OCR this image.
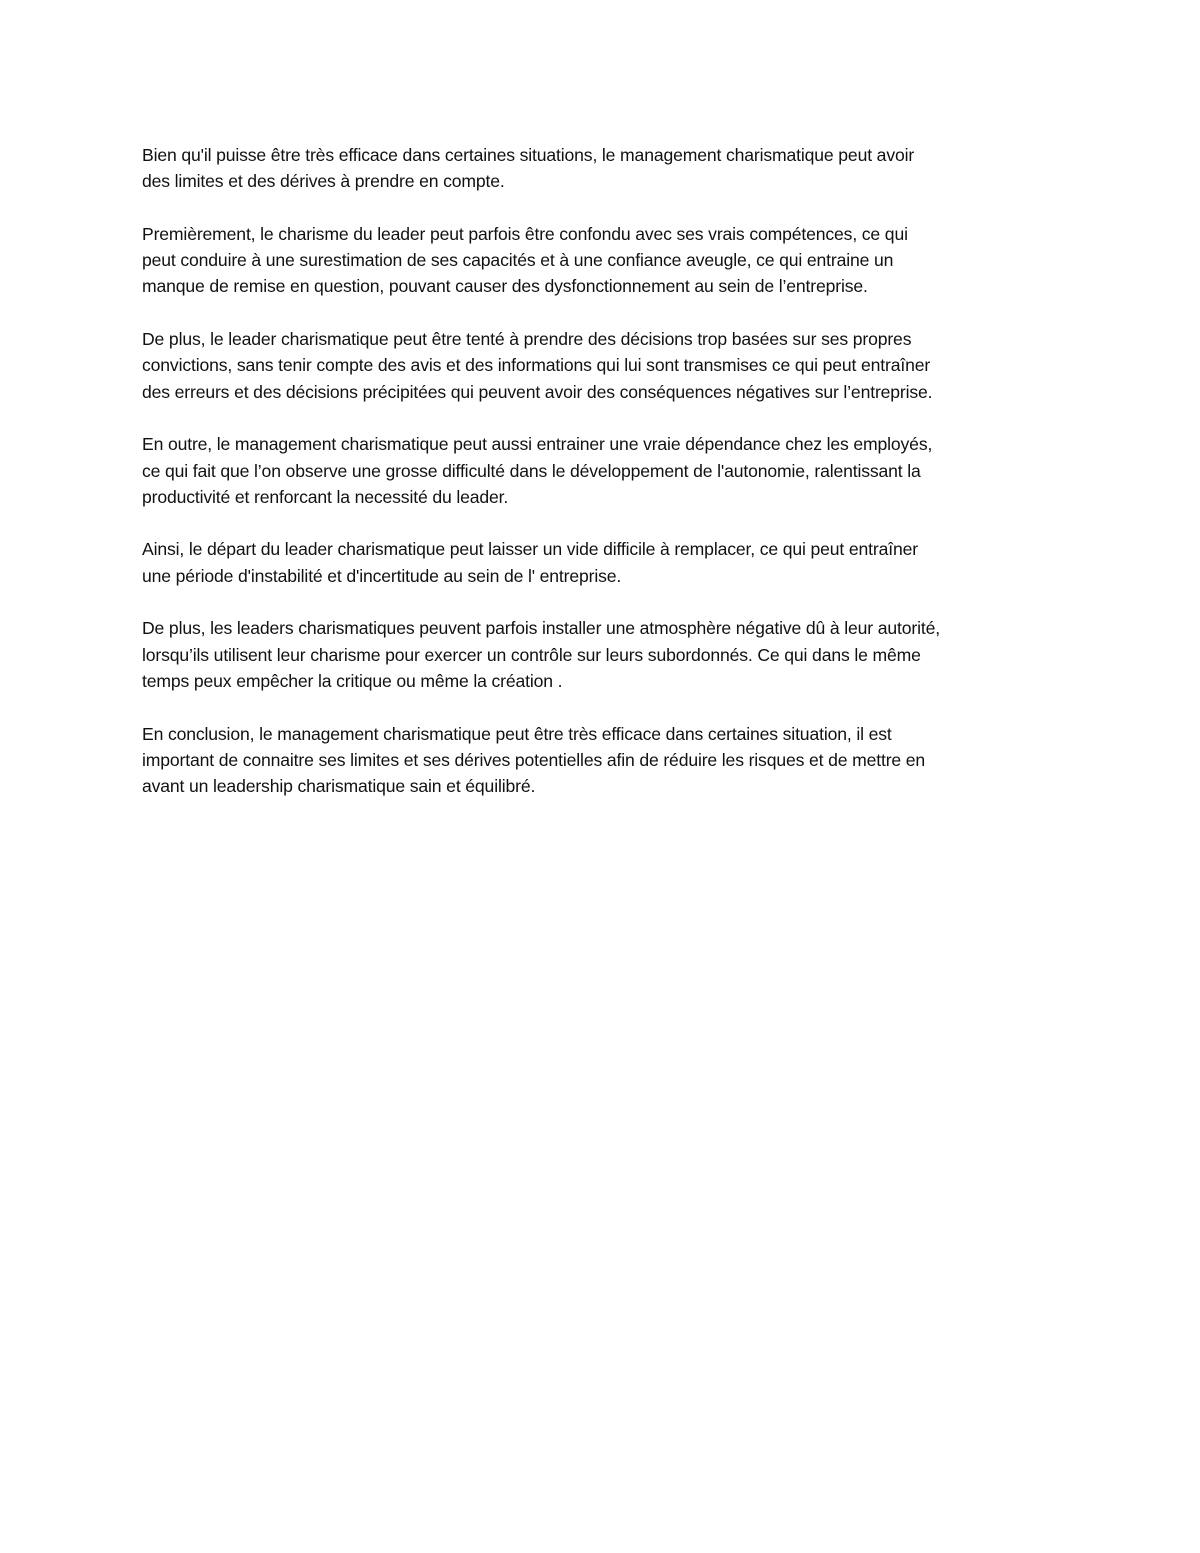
Bien qu'il puisse être très efficace dans certaines situations, le management charismatique peut avoir
des limites et des dérives à prendre en compte.

Premièrement, le charisme du leader peut parfois être confondu avec ses vrais compétences, ce qui
peut conduire à une surestimation de ses capacités et à une confiance aveugle, ce qui entraine un
manque de remise en question, pouvant causer des dysfonctionnement au sein de l’entreprise.

De plus, le leader charismatique peut être tenté à prendre des décisions trop basées sur ses propres
convictions, sans tenir compte des avis et des informations qui lui sont transmises ce qui peut entraîner
des erreurs et des décisions précipitées qui peuvent avoir des conséquences négatives sur l’entreprise.

En outre, le management charismatique peut aussi entrainer une vraie dépendance chez les employés,
ce qui fait que l’on observe une grosse difficulté dans le développement de l'autonomie, ralentissant la
productivité et renforcant la necessité du leader.

Ainsi, le départ du leader charismatique peut laisser un vide difficile à remplacer, ce qui peut entraîner
une période d'instabilité et d'incertitude au sein de l' entreprise.

De plus, les leaders charismatiques peuvent parfois installer une atmosphère négative dû à leur autorité,
lorsqu’ils utilisent leur charisme pour exercer un contrôle sur leurs subordonnés. Ce qui dans le même
temps peux empêcher la critique ou même la création .

En conclusion, le management charismatique peut être très efficace dans certaines situation, il est
important de connaitre ses limites et ses dérives potentielles afin de réduire les risques et de mettre en
avant un leadership charismatique sain et équilibré.
